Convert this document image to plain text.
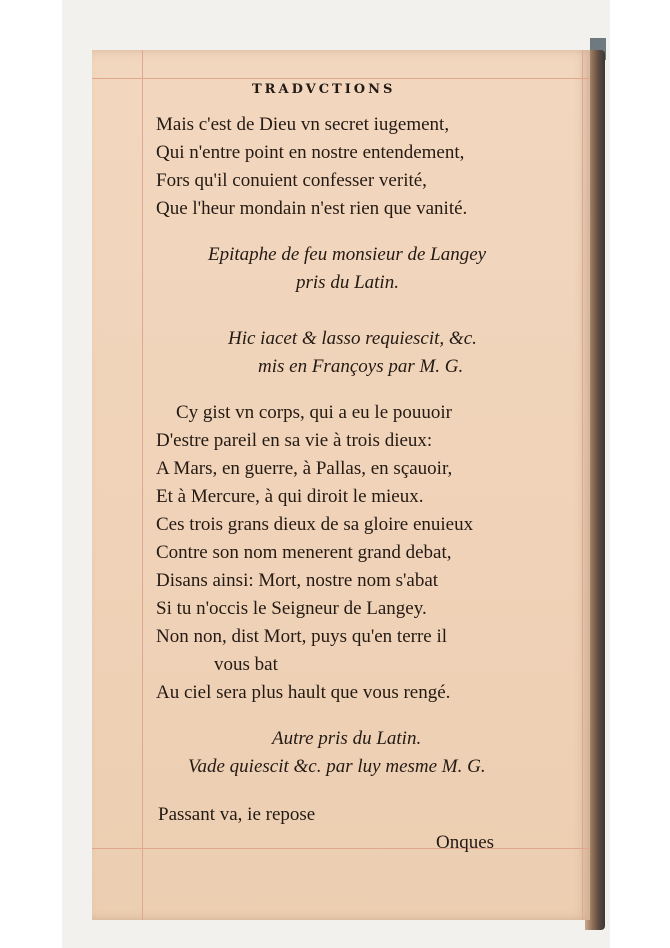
TRADVCTIONS
Mais c'est de Dieu vn secret iugement,
Qui n'entre point en nostre entendement,
Fors qu'il conuient confesser verité,
Que l'heur mondain n'est rien que vanité.
Epitaphe de feu monsieur de Langey
pris du Latin.
Hic iacet & lasso requiescit, &c.
mis en Françoys par M. G.
Cy gist vn corps, qui a eu le pouuoir
D'estre pareil en sa vie à trois dieux:
A Mars, en guerre, à Pallas, en sçauoir,
Et à Mercure, à qui diroit le mieux.
Ces trois grans dieux de sa gloire enuieux
Contre son nom menerent grand debat,
Disans ainsi: Mort, nostre nom s'abat
Si tu n'occis le Seigneur de Langey.
Non non, dist Mort, puys qu'en terre il
vous bat
Au ciel sera plus hault que vous rengé.
Autre pris du Latin.
Vade quiescit &c. par luy mesme M. G.
Passant va, ie repose
Onques
